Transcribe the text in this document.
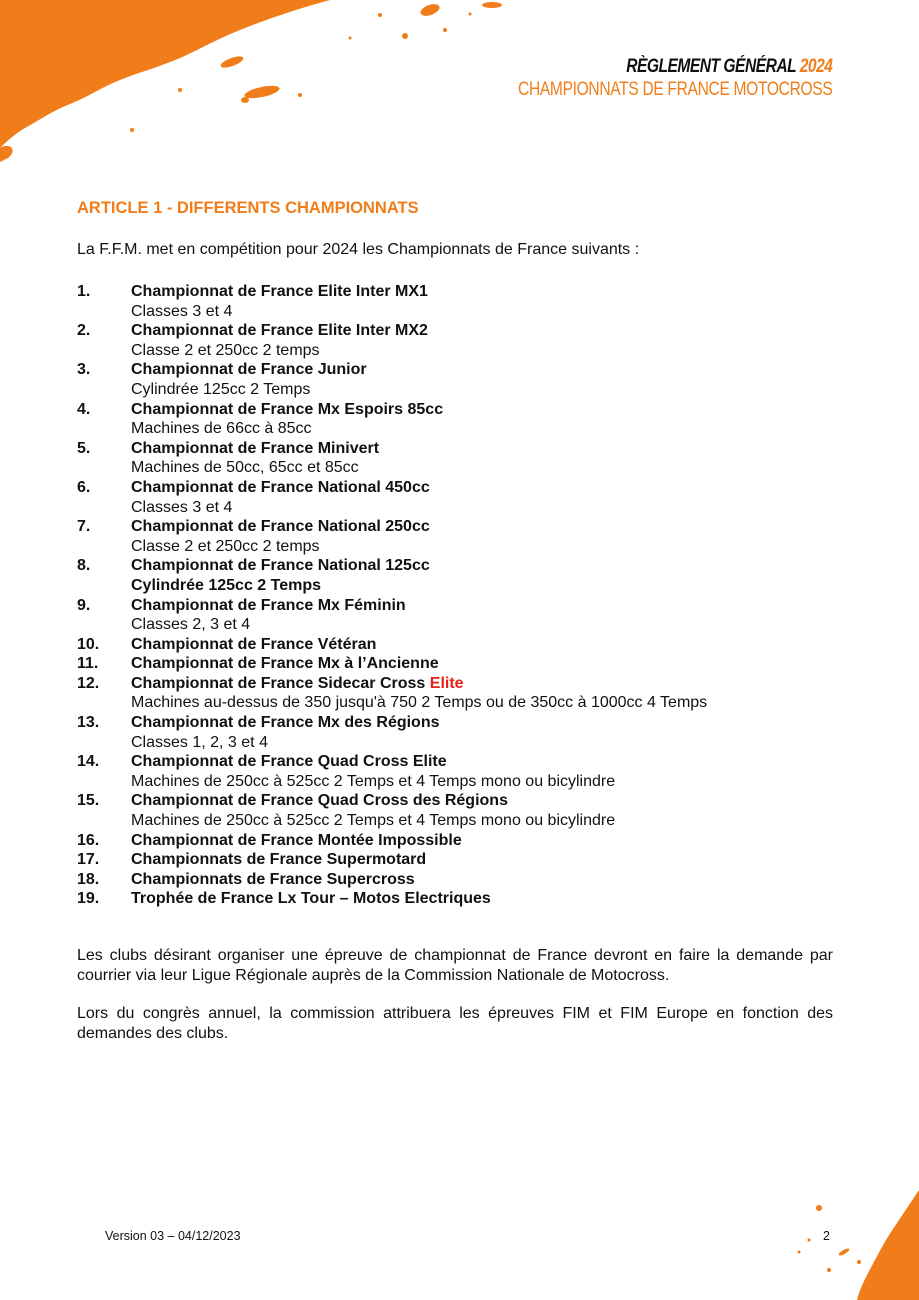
RÈGLEMENT GÉNÉRAL 2024
CHAMPIONNATS DE FRANCE MOTOCROSS
ARTICLE 1 - DIFFERENTS CHAMPIONNATS
La F.F.M. met en compétition pour 2024 les Championnats de France suivants :
1.	Championnat de France Elite Inter MX1
Classes 3 et 4
2.	Championnat de France Elite Inter MX2
Classe 2 et 250cc 2 temps
3.	Championnat de France Junior
Cylindrée 125cc 2 Temps
4.	Championnat de France Mx Espoirs 85cc
Machines de 66cc à 85cc
5.	Championnat de France Minivert
Machines de 50cc, 65cc et 85cc
6.	Championnat de France National 450cc
Classes 3 et 4
7.	Championnat de France National 250cc
Classe 2 et 250cc 2 temps
8.	Championnat de France National 125cc
Cylindrée 125cc 2 Temps
9.	Championnat de France Mx Féminin
Classes 2, 3 et 4
10.	Championnat de France Vétéran
11.	Championnat de France Mx à l’Ancienne
12.	Championnat de France Sidecar Cross Elite
Machines au-dessus de 350 jusqu'à 750 2 Temps ou de 350cc à 1000cc 4 Temps
13.	Championnat de France Mx des Régions
Classes 1, 2, 3 et 4
14.	Championnat de France Quad Cross Elite
Machines de 250cc à 525cc 2 Temps et 4 Temps mono ou bicylindre
15.	Championnat de France Quad Cross des Régions
Machines de 250cc à 525cc 2 Temps et 4 Temps mono ou bicylindre
16.	Championnat de France Montée Impossible
17.	Championnats de France Supermotard
18.	Championnats de France Supercross
19.	Trophée de France Lx Tour – Motos Electriques
Les clubs désirant organiser une épreuve de championnat de France devront en faire la demande par courrier via leur Ligue Régionale auprès de la Commission Nationale de Motocross.
Lors du congrès annuel, la commission attribuera les épreuves FIM et FIM Europe en fonction des demandes des clubs.
Version 03 – 04/12/2023	2
